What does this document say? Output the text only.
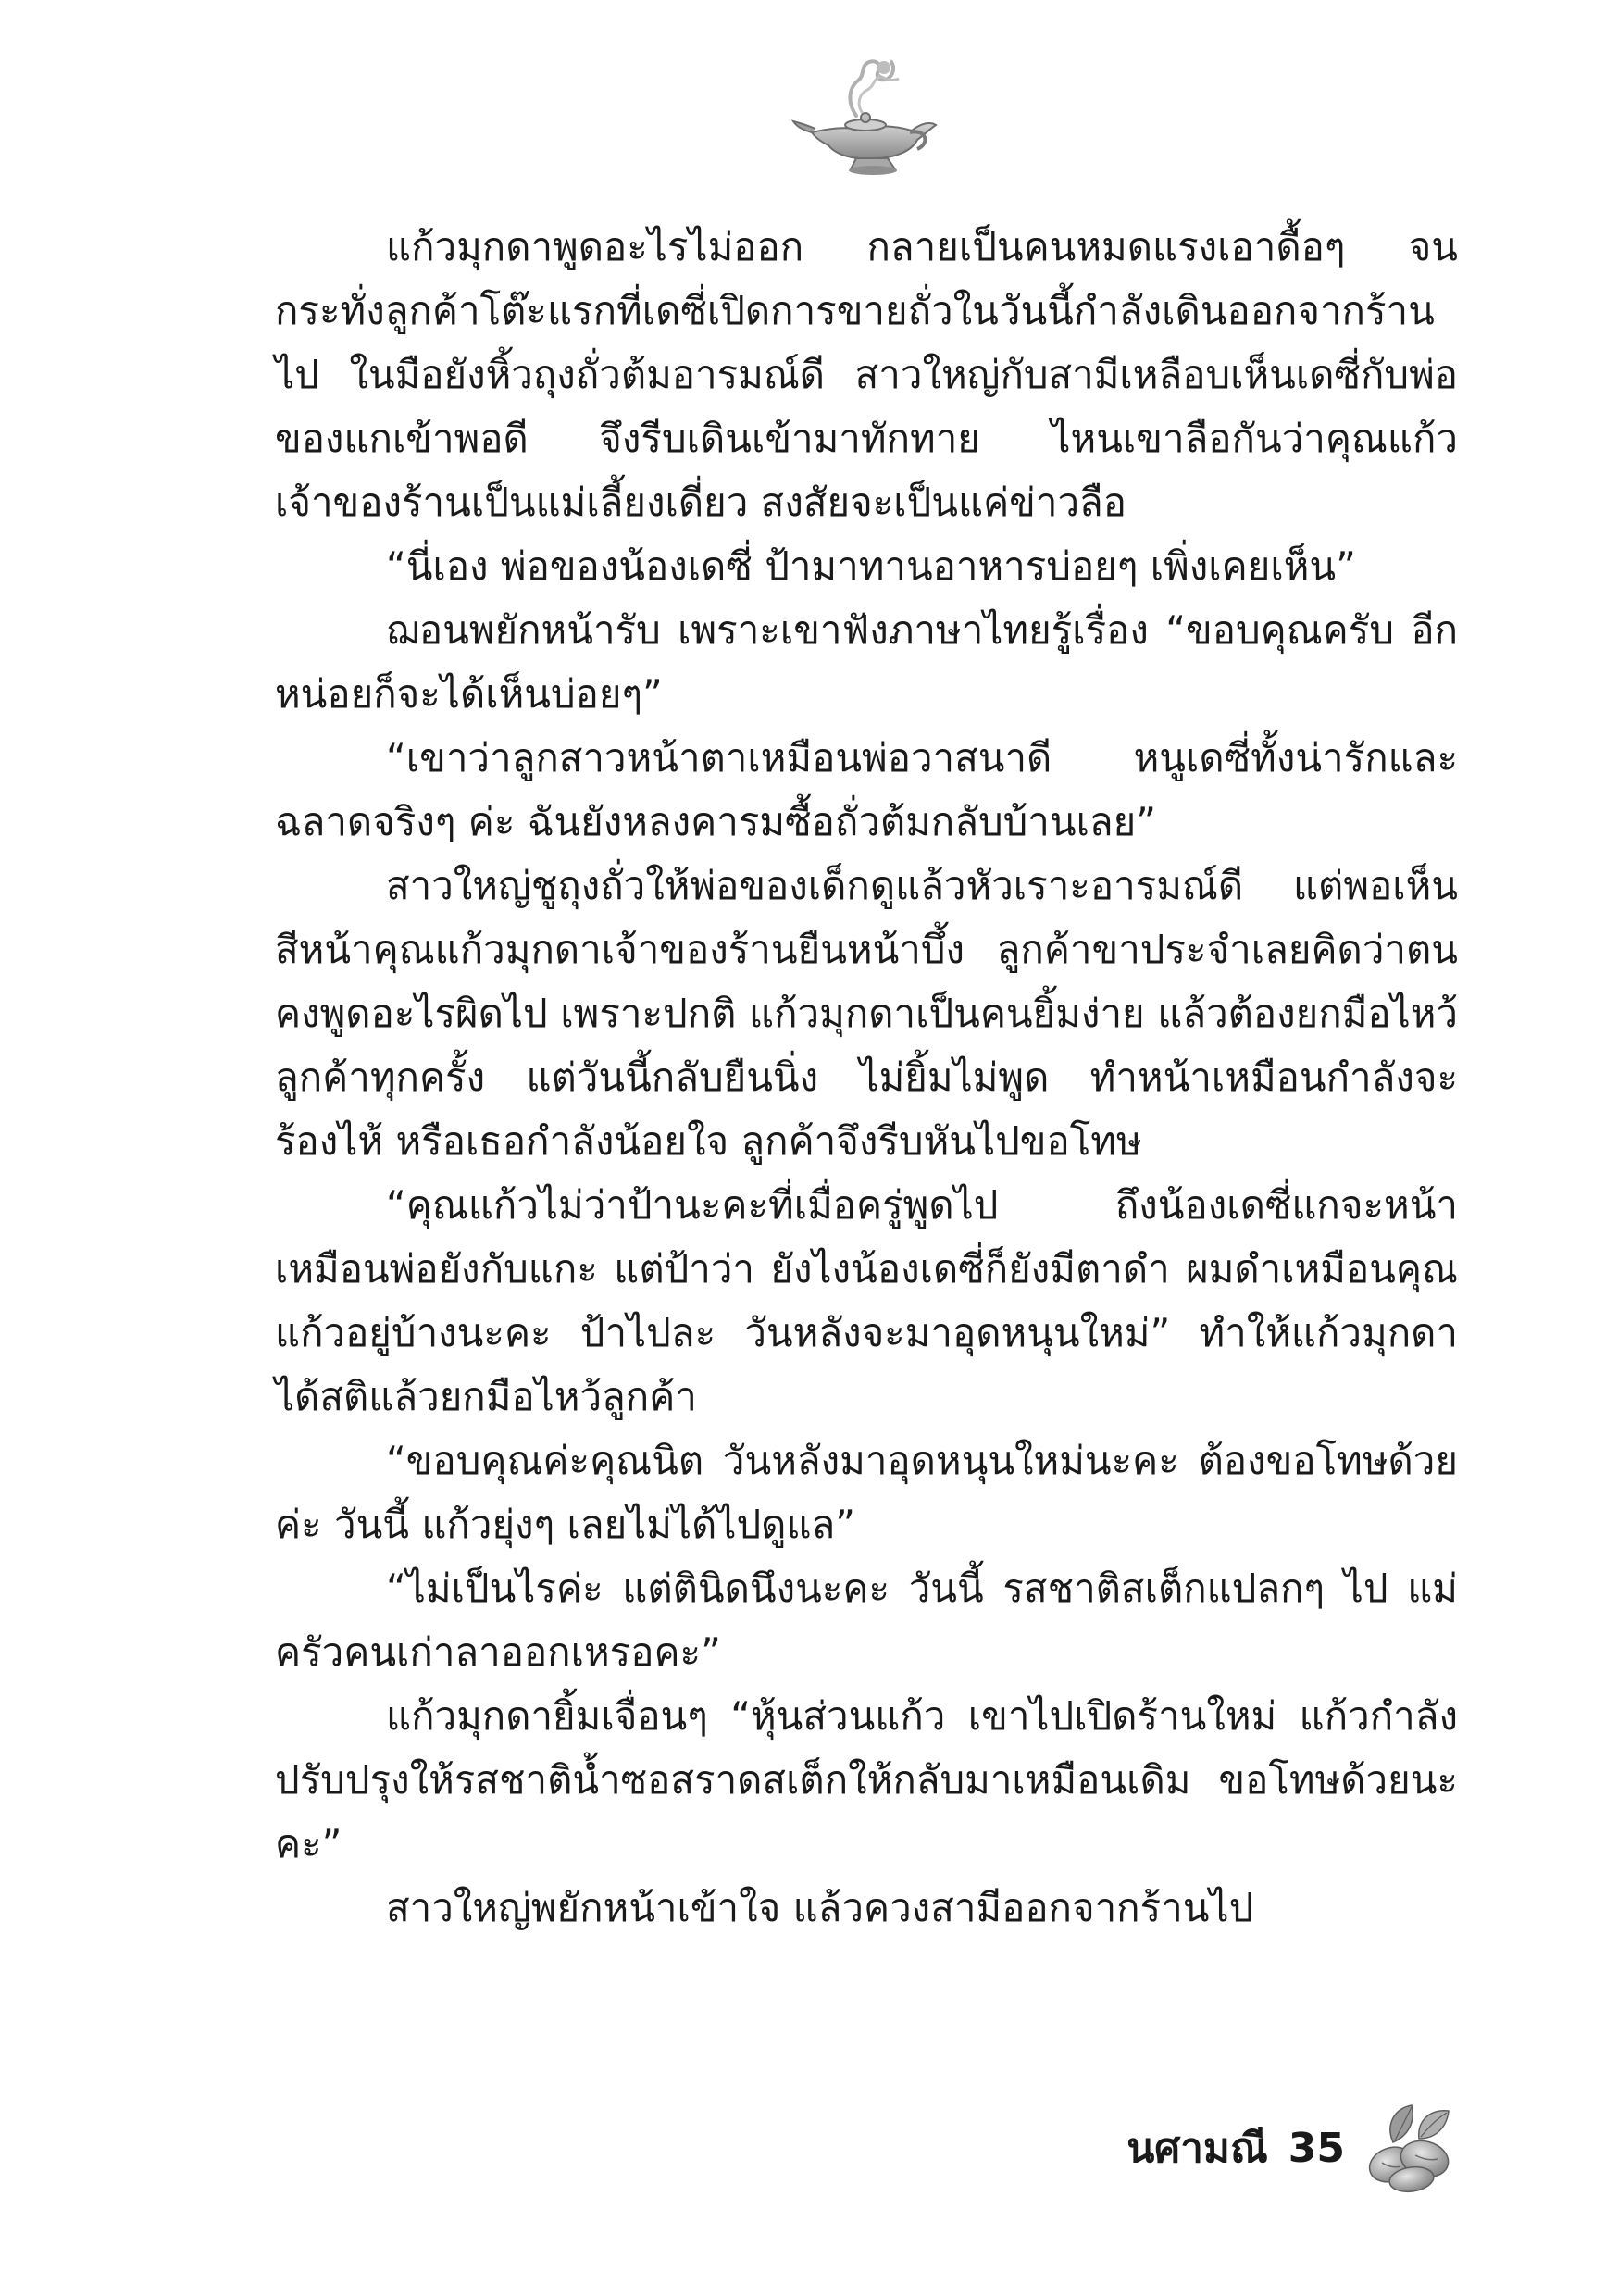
แก้วมุกดาพูดอะไรไม่ออก กลายเป็นคนหมดแรงเอาดื้อๆ จนกระทั่งลูกค้าโต๊ะแรกที่เดซี่เปิดการขายถั่วในวันนี้กำลังเดินออกจากร้านไป ในมือยังหิ้วถุงถั่วต้มอารมณ์ดี สาวใหญ่กับสามีเหลือบเห็นเดซี่กับพ่อของแกเข้าพอดี จึงรีบเดินเข้ามาทักทาย ไหนเขาลือกันว่าคุณแก้วเจ้าของร้านเป็นแม่เลี้ยงเดี่ยว สงสัยจะเป็นแค่ข่าวลือ

“นี่เอง พ่อของน้องเดซี่ ป้ามาทานอาหารบ่อยๆ เพิ่งเคยเห็น”

ฌอนพยักหน้ารับ เพราะเขาฟังภาษาไทยรู้เรื่อง “ขอบคุณครับ อีกหน่อยก็จะได้เห็นบ่อยๆ”

“เขาว่าลูกสาวหน้าตาเหมือนพ่อวาสนาดี หนูเดซี่ทั้งน่ารักและฉลาดจริงๆ ค่ะ ฉันยังหลงคารมซื้อถั่วต้มกลับบ้านเลย”

สาวใหญ่ชูถุงถั่วให้พ่อของเด็กดูแล้วหัวเราะอารมณ์ดี แต่พอเห็นสีหน้าคุณแก้วมุกดาเจ้าของร้านยืนหน้าบึ้ง ลูกค้าขาประจำเลยคิดว่าตนคงพูดอะไรผิดไป เพราะปกติ แก้วมุกดาเป็นคนยิ้มง่าย แล้วต้องยกมือไหว้ลูกค้าทุกครั้ง แต่วันนี้กลับยืนนิ่ง ไม่ยิ้มไม่พูด ทำหน้าเหมือนกำลังจะร้องไห้ หรือเธอกำลังน้อยใจ ลูกค้าจึงรีบหันไปขอโทษ

“คุณแก้วไม่ว่าป้านะคะที่เมื่อครู่พูดไป ถึงน้องเดซี่แกจะหน้าเหมือนพ่อยังกับแกะ แต่ป้าว่า ยังไงน้องเดซี่ก็ยังมีตาดำ ผมดำเหมือนคุณแก้วอยู่บ้างนะคะ ป้าไปละ วันหลังจะมาอุดหนุนใหม่” ทำให้แก้วมุกดาได้สติแล้วยกมือไหว้ลูกค้า

“ขอบคุณค่ะคุณนิต วันหลังมาอุดหนุนใหม่นะคะ ต้องขอโทษด้วยค่ะ วันนี้ แก้วยุ่งๆ เลยไม่ได้ไปดูแล”

“ไม่เป็นไรค่ะ แต่ตินิดนึงนะคะ วันนี้ รสชาติสเต็กแปลกๆ ไป แม่ครัวคนเก่าลาออกเหรอคะ”

แก้วมุกดายิ้มเจื่อนๆ “หุ้นส่วนแก้ว เขาไปเปิดร้านใหม่ แก้วกำลังปรับปรุงให้รสชาติน้ำซอสราดสเต็กให้กลับมาเหมือนเดิม ขอโทษด้วยนะคะ”

สาวใหญ่พยักหน้าเข้าใจ แล้วควงสามีออกจากร้านไป

นศามณี 35
